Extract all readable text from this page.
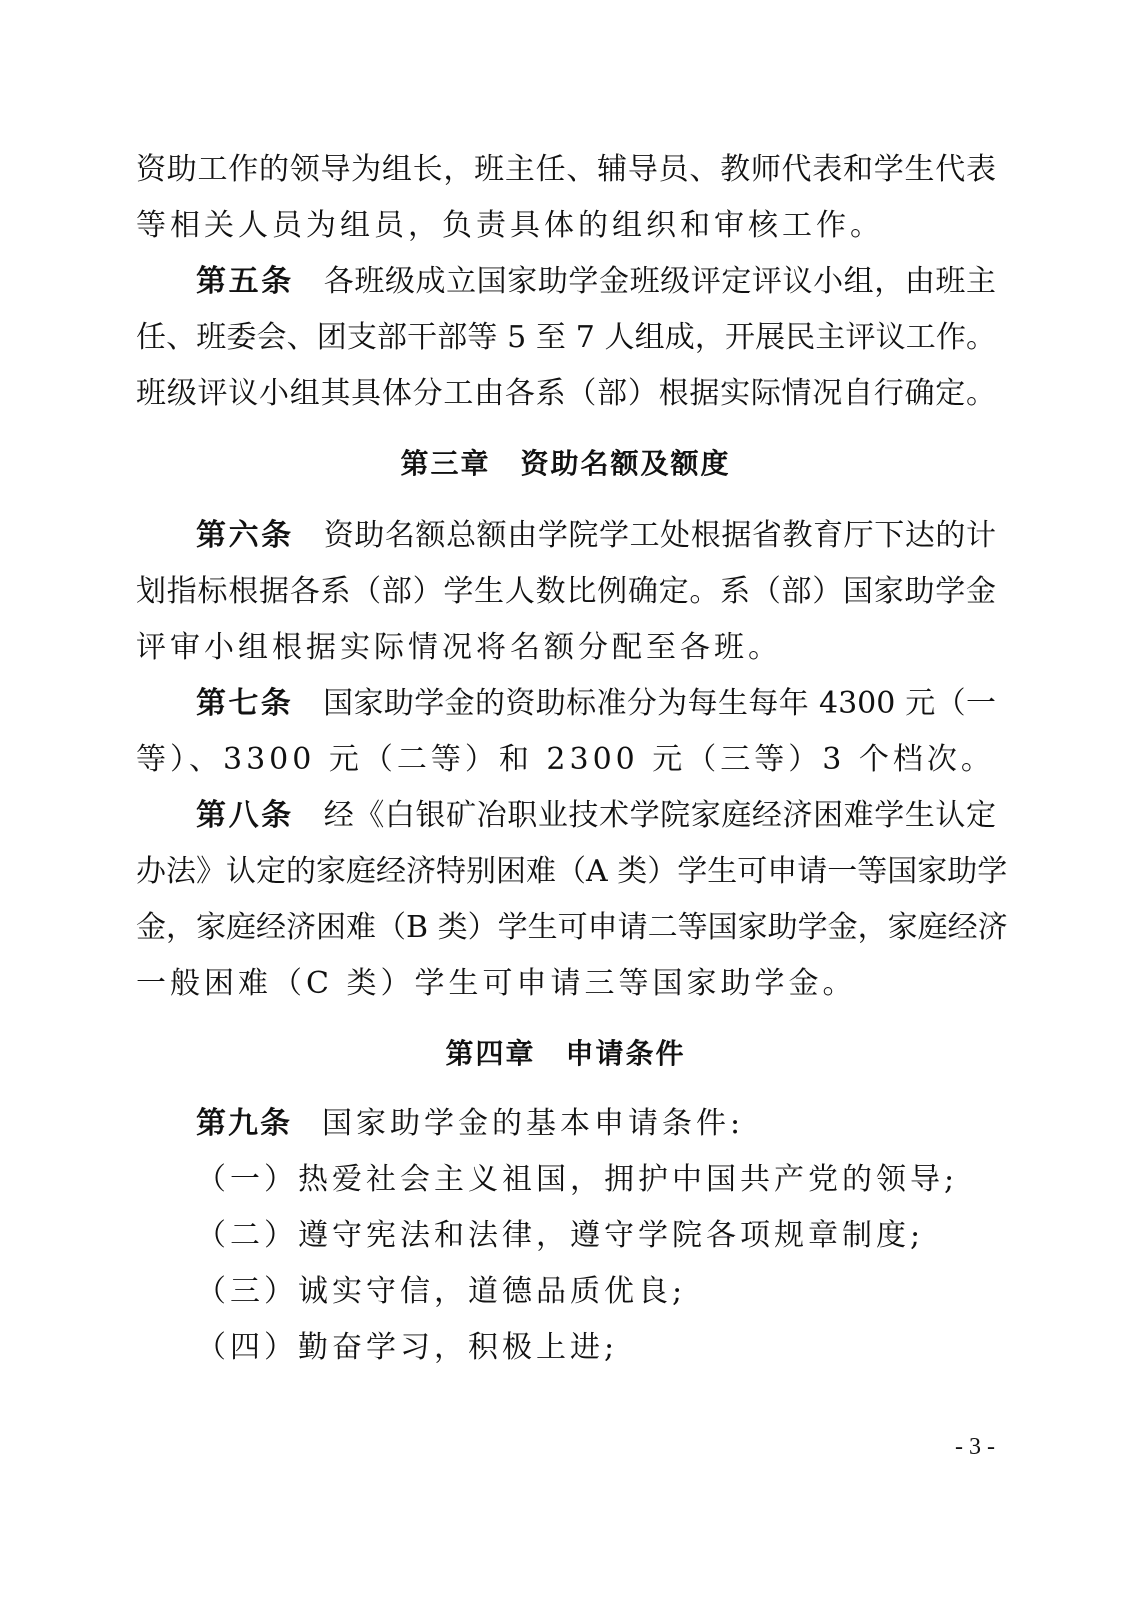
资助工作的领导为组长，班主任、辅导员、教师代表和学生代表
等相关人员为组员，负责具体的组织和审核工作。
第五条 各班级成立国家助学金班级评定评议小组，由班主
任、班委会、团支部干部等 5 至 7 人组成，开展民主评议工作。
班级评议小组其具体分工由各系（部）根据实际情况自行确定。
第三章 资助名额及额度
第六条 资助名额总额由学院学工处根据省教育厅下达的计
划指标根据各系（部）学生人数比例确定。系（部）国家助学金
评审小组根据实际情况将名额分配至各班。
第七条 国家助学金的资助标准分为每生每年 4300 元（一
等）、3300 元（二等）和 2300 元（三等）3 个档次。
第八条 经《白银矿冶职业技术学院家庭经济困难学生认定
办法》认定的家庭经济特别困难（A 类）学生可申请一等国家助学
金，家庭经济困难（B 类）学生可申请二等国家助学金，家庭经济
一般困难（C 类）学生可申请三等国家助学金。
第四章 申请条件
第九条 国家助学金的基本申请条件:
（一）热爱社会主义祖国，拥护中国共产党的领导;
（二）遵守宪法和法律，遵守学院各项规章制度;
（三）诚实守信，道德品质优良;
（四）勤奋学习，积极上进;
- 3 -
